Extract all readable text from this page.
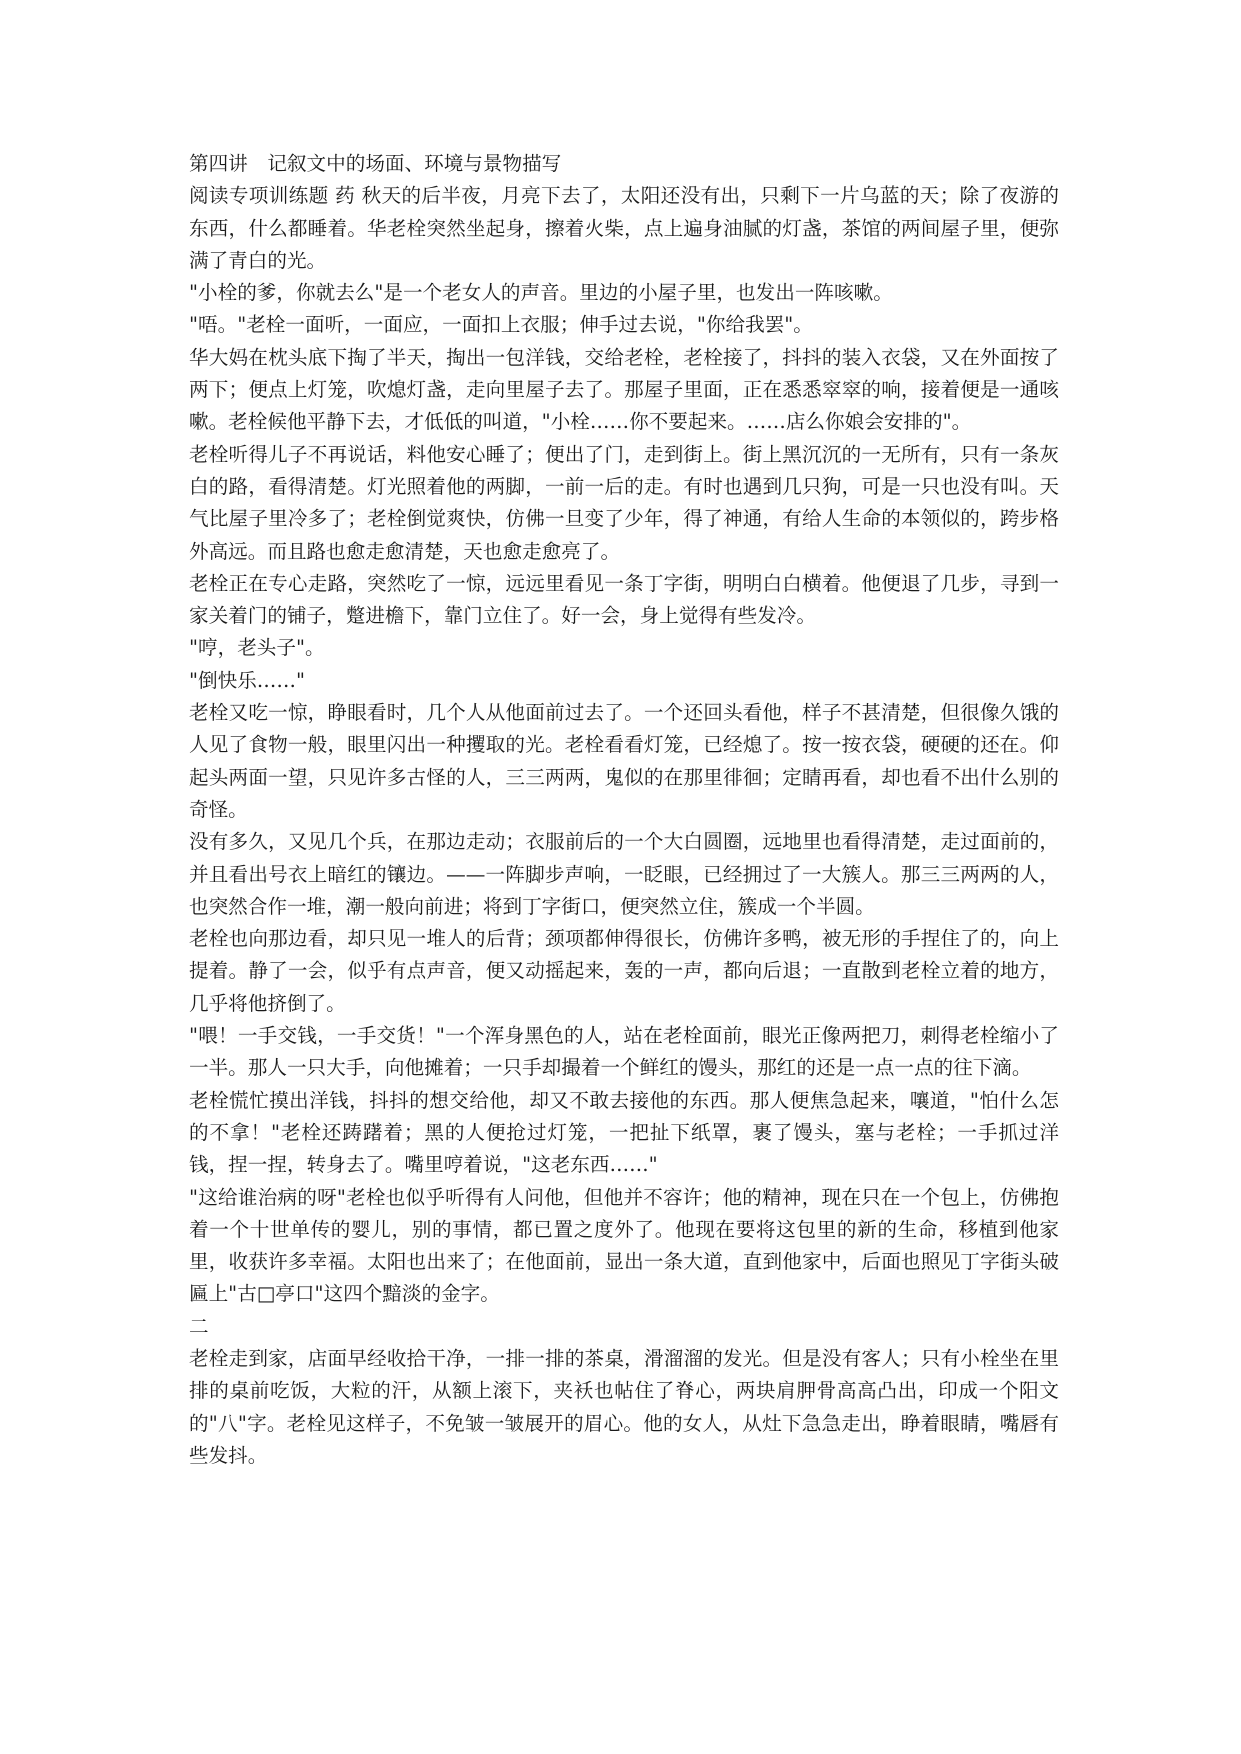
第四讲　记叙文中的场面、环境与景物描写

阅读专项训练题 药 秋天的后半夜，月亮下去了，太阳还没有出，只剩下一片乌蓝的天；除了夜游的东西，什么都睡着。华老栓突然坐起身，擦着火柴，点上遍身油腻的灯盏，茶馆的两间屋子里，便弥满了青白的光。

"小栓的爹，你就去么"是一个老女人的声音。里边的小屋子里，也发出一阵咳嗽。

"唔。"老栓一面听，一面应，一面扣上衣服；伸手过去说，"你给我罢"。

华大妈在枕头底下掏了半天，掏出一包洋钱，交给老栓，老栓接了，抖抖的装入衣袋，又在外面按了两下；便点上灯笼，吹熄灯盏，走向里屋子去了。那屋子里面，正在悉悉窣窣的响，接着便是一通咳嗽。老栓候他平静下去，才低低的叫道，"小栓……你不要起来。……店么你娘会安排的"。

老栓听得儿子不再说话，料他安心睡了；便出了门，走到街上。街上黑沉沉的一无所有，只有一条灰白的路，看得清楚。灯光照着他的两脚，一前一后的走。有时也遇到几只狗，可是一只也没有叫。天气比屋子里冷多了；老栓倒觉爽快，仿佛一旦变了少年，得了神通，有给人生命的本领似的，跨步格外高远。而且路也愈走愈清楚，天也愈走愈亮了。

老栓正在专心走路，突然吃了一惊，远远里看见一条丁字街，明明白白横着。他便退了几步，寻到一家关着门的铺子，蹩进檐下，靠门立住了。好一会，身上觉得有些发冷。

"哼，老头子"。

"倒快乐……"

老栓又吃一惊，睁眼看时，几个人从他面前过去了。一个还回头看他，样子不甚清楚，但很像久饿的人见了食物一般，眼里闪出一种攫取的光。老栓看看灯笼，已经熄了。按一按衣袋，硬硬的还在。仰起头两面一望，只见许多古怪的人，三三两两，鬼似的在那里徘徊；定睛再看，却也看不出什么别的奇怪。

没有多久，又见几个兵，在那边走动；衣服前后的一个大白圆圈，远地里也看得清楚，走过面前的，并且看出号衣上暗红的镶边。——一阵脚步声响，一眨眼，已经拥过了一大簇人。那三三两两的人，也突然合作一堆，潮一般向前进；将到丁字街口，便突然立住，簇成一个半圆。

老栓也向那边看，却只见一堆人的后背；颈项都伸得很长，仿佛许多鸭，被无形的手捏住了的，向上提着。静了一会，似乎有点声音，便又动摇起来，轰的一声，都向后退；一直散到老栓立着的地方，几乎将他挤倒了。

"喂！一手交钱，一手交货！"一个浑身黑色的人，站在老栓面前，眼光正像两把刀，刺得老栓缩小了一半。那人一只大手，向他摊着；一只手却撮着一个鲜红的馒头，那红的还是一点一点的往下滴。

老栓慌忙摸出洋钱，抖抖的想交给他，却又不敢去接他的东西。那人便焦急起来，嚷道，"怕什么怎的不拿！"老栓还踌躇着；黑的人便抢过灯笼，一把扯下纸罩，裹了馒头，塞与老栓；一手抓过洋钱，捏一捏，转身去了。嘴里哼着说，"这老东西……"

"这给谁治病的呀"老栓也似乎听得有人问他，但他并不容许；他的精神，现在只在一个包上，仿佛抱着一个十世单传的婴儿，别的事情，都已置之度外了。他现在要将这包里的新的生命，移植到他家里，收获许多幸福。太阳也出来了；在他面前，显出一条大道，直到他家中，后面也照见丁字街头破匾上"古□亭口"这四个黯淡的金字。

二

老栓走到家，店面早经收拾干净，一排一排的茶桌，滑溜溜的发光。但是没有客人；只有小栓坐在里排的桌前吃饭，大粒的汗，从额上滚下，夹袄也帖住了脊心，两块肩胛骨高高凸出，印成一个阳文的"八"字。老栓见这样子，不免皱一皱展开的眉心。他的女人，从灶下急急走出，睁着眼睛，嘴唇有些发抖。
